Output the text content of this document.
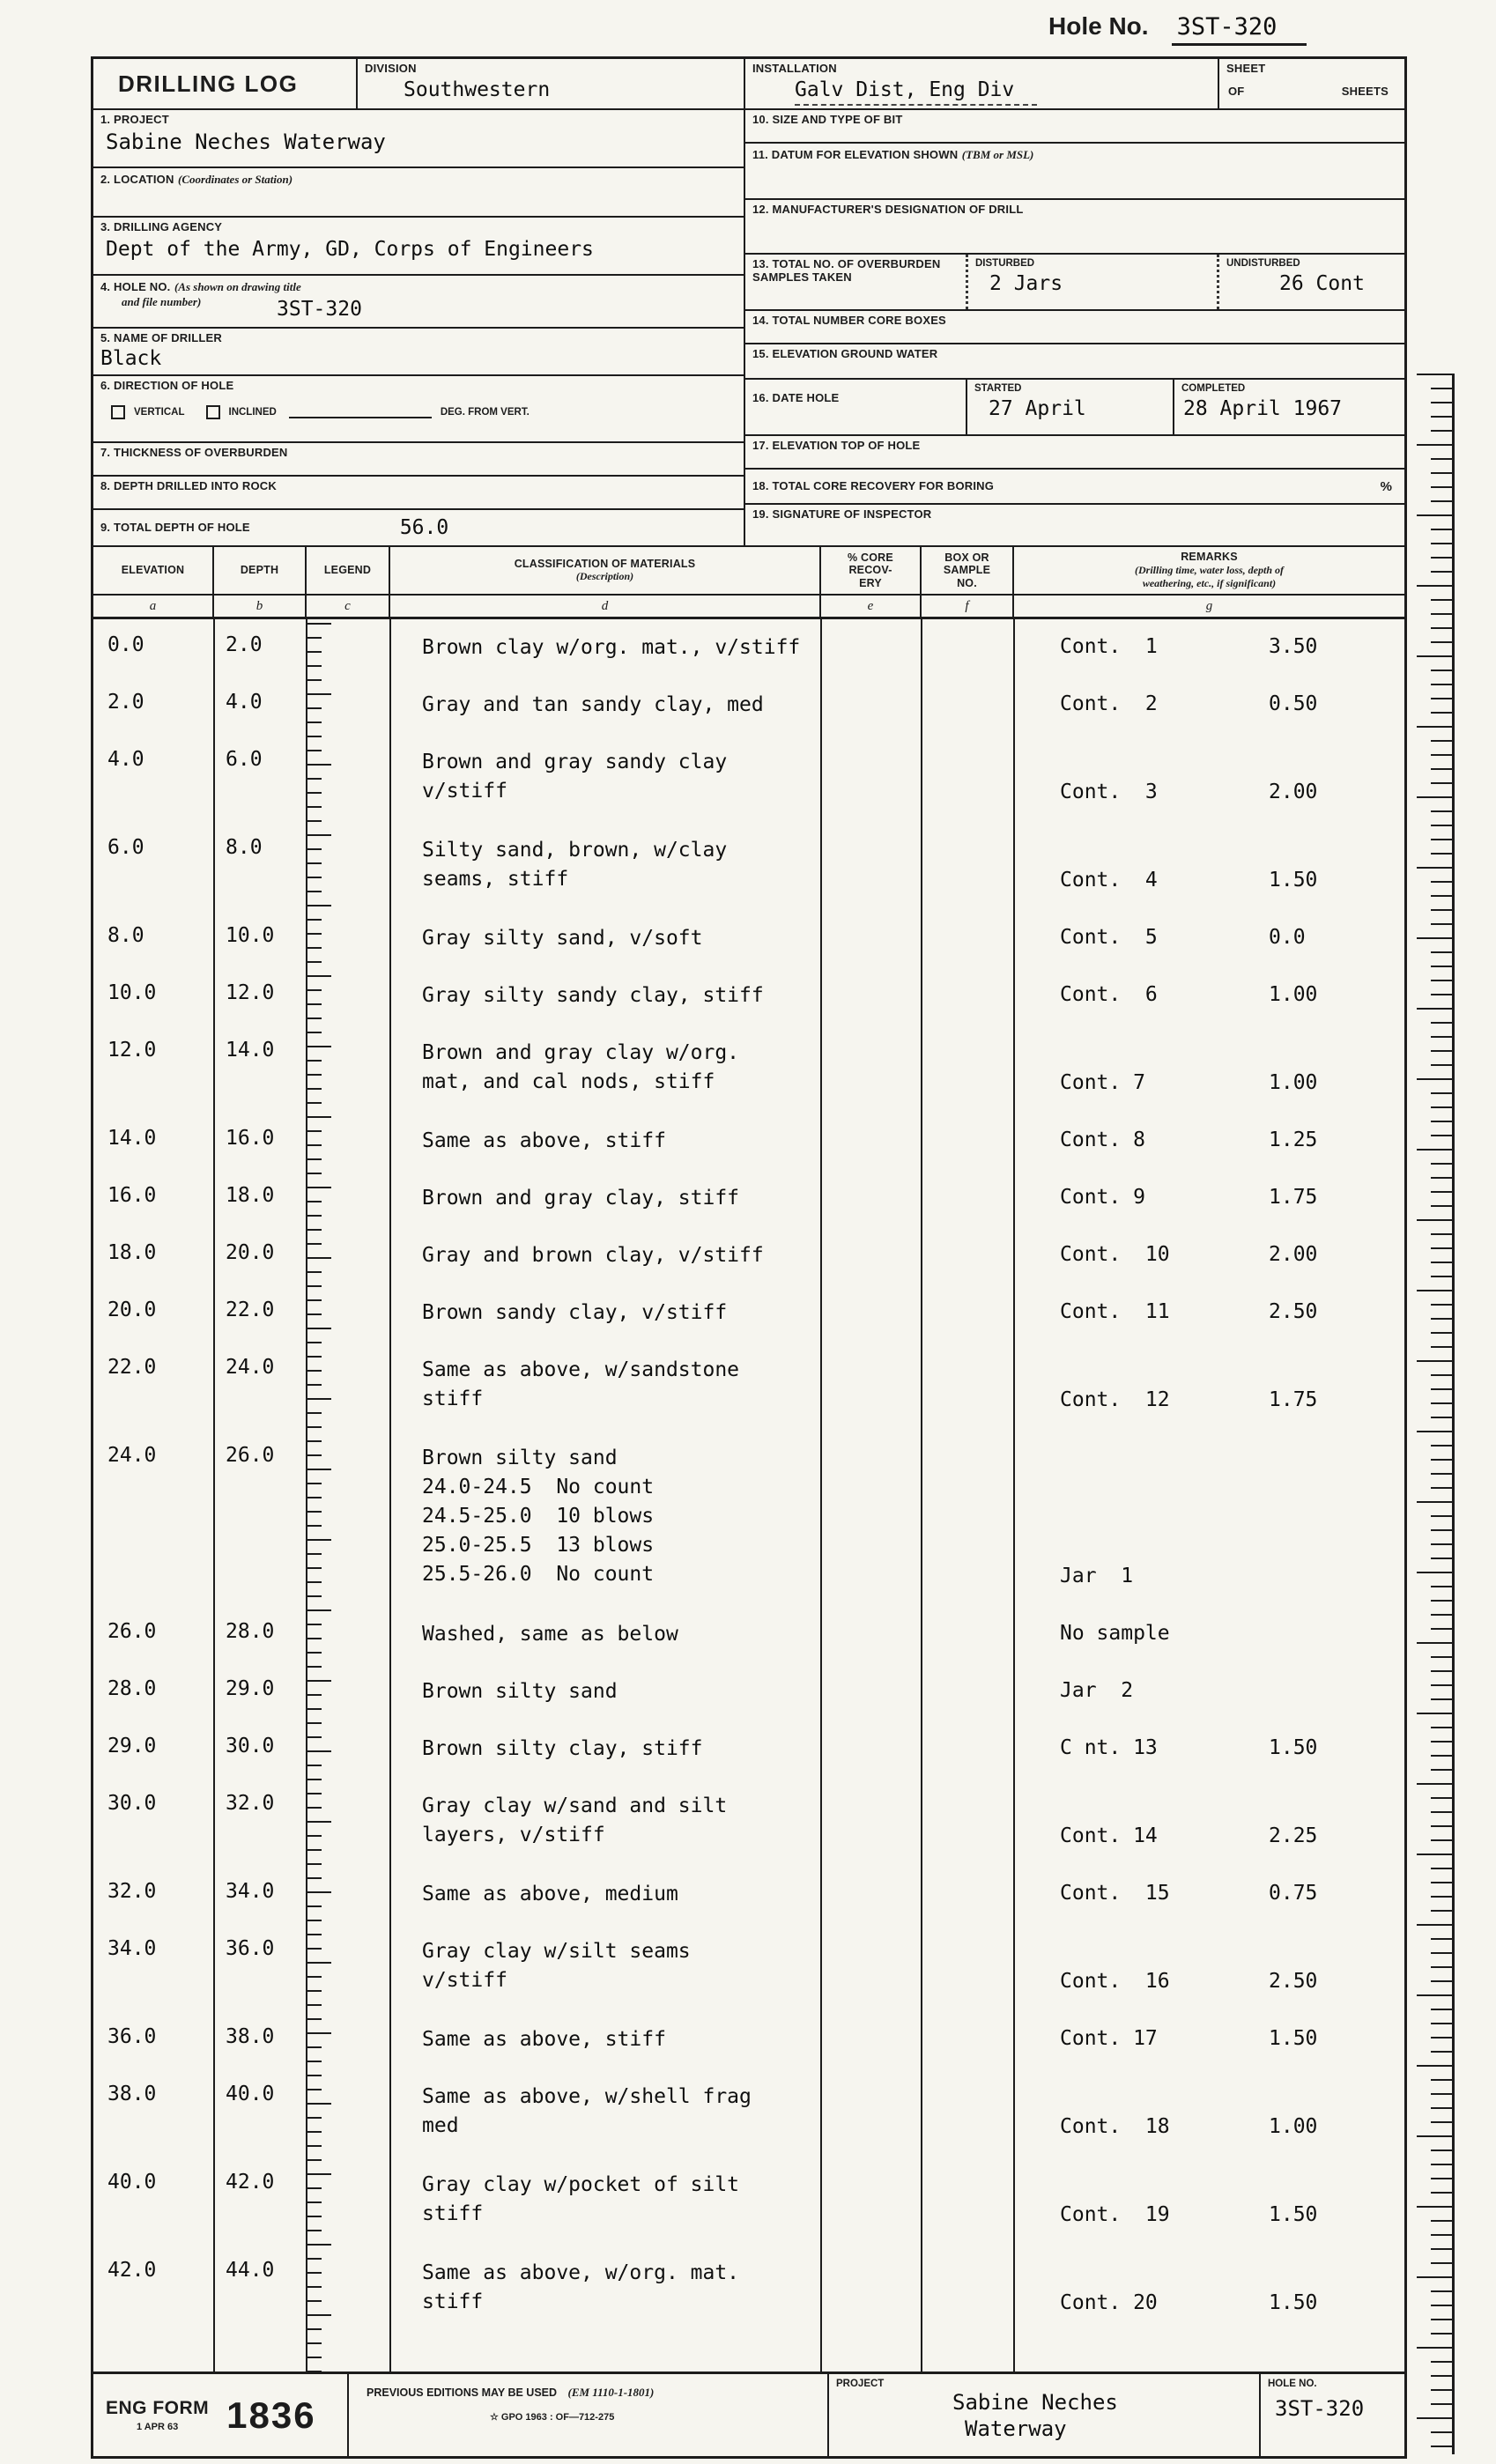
Hole No. 3ST-320
DRILLING LOG
DIVISION
Southwestern
1. PROJECT
Sabine Neches Waterway
2. LOCATION (Coordinates or Station)
3. DRILLING AGENCY
Dept of the Army, GD, Corps of Engineers
4. HOLE NO. (As shown on drawing title
and file number)	3ST-320
5. NAME OF DRILLER
Black
6. DIRECTION OF HOLE
VERTICAL	INCLINED	DEG. FROM VERT.
7. THICKNESS OF OVERBURDEN
8. DEPTH DRILLED INTO ROCK
9. TOTAL DEPTH OF HOLE	56.0
INSTALLATION
Galv Dist, Eng Div
SHEET
OF	SHEETS
10. SIZE AND TYPE OF BIT
11. DATUM FOR ELEVATION SHOWN (TBM or MSL)
12. MANUFACTURER'S DESIGNATION OF DRILL
13. TOTAL NO. OF OVERBURDEN
SAMPLES TAKEN
DISTURBED
2 Jars
UNDISTURBED
26 Cont
14. TOTAL NUMBER CORE BOXES
15. ELEVATION GROUND WATER
16. DATE HOLE
STARTED
27 April
COMPLETED
28 April 1967
17. ELEVATION TOP OF HOLE
18. TOTAL CORE RECOVERY FOR BORING	%
19. SIGNATURE OF INSPECTOR
ELEVATION	DEPTH	LEGEND
CLASSIFICATION OF MATERIALS
(Description)
% CORE
RECOV-
ERY
BOX OR
SAMPLE
NO.
REMARKS
(Drilling time, water loss, depth of
weathering, etc., if significant)
a	b	c	d	e	f	g
0.0	2.0	Brown clay w/org. mat., v/stiff	Cont.  1	3.50
2.0	4.0	Gray and tan sandy clay, med	Cont.  2	0.50
4.0	6.0	Brown and gray sandy clay
v/stiff	Cont.  3	2.00
6.0	8.0	Silty sand, brown, w/clay
seams, stiff	Cont.  4	1.50
8.0	10.0	Gray silty sand, v/soft	Cont.  5	0.0
10.0	12.0	Gray silty sandy clay, stiff	Cont.  6	1.00
12.0	14.0	Brown and gray clay w/org.
mat, and cal nods, stiff	Cont. 7	1.00
14.0	16.0	Same as above, stiff	Cont. 8	1.25
16.0	18.0	Brown and gray clay, stiff	Cont. 9	1.75
18.0	20.0	Gray and brown clay, v/stiff	Cont.  10	2.00
20.0	22.0	Brown sandy clay, v/stiff	Cont.  11	2.50
22.0	24.0	Same as above, w/sandstone
stiff	Cont.  12	1.75
24.0	26.0	Brown silty sand
24.0-24.5  No count
24.5-25.0  10 blows
25.0-25.5  13 blows
25.5-26.0  No count	Jar  1
26.0	28.0	Washed, same as below	No sample
28.0	29.0	Brown silty sand	Jar  2
29.0	30.0	Brown silty clay, stiff	C nt. 13	1.50
30.0	32.0	Gray clay w/sand and silt
layers, v/stiff	Cont. 14	2.25
32.0	34.0	Same as above, medium	Cont.  15	0.75
34.0	36.0	Gray clay w/silt seams
v/stiff	Cont.  16	2.50
36.0	38.0	Same as above, stiff	Cont. 17	1.50
38.0	40.0	Same as above, w/shell frag
med	Cont.  18	1.00
40.0	42.0	Gray clay w/pocket of silt
stiff	Cont.  19	1.50
42.0	44.0	Same as above, w/org. mat.
stiff	Cont. 20	1.50
ENG FORM
1 APR 63	1836
PREVIOUS EDITIONS MAY BE USED (EM 1110-1-1801)
☆ GPO 1963 : OF—712-275
PROJECT
Sabine Neches
Waterway
HOLE NO.
3ST-320
